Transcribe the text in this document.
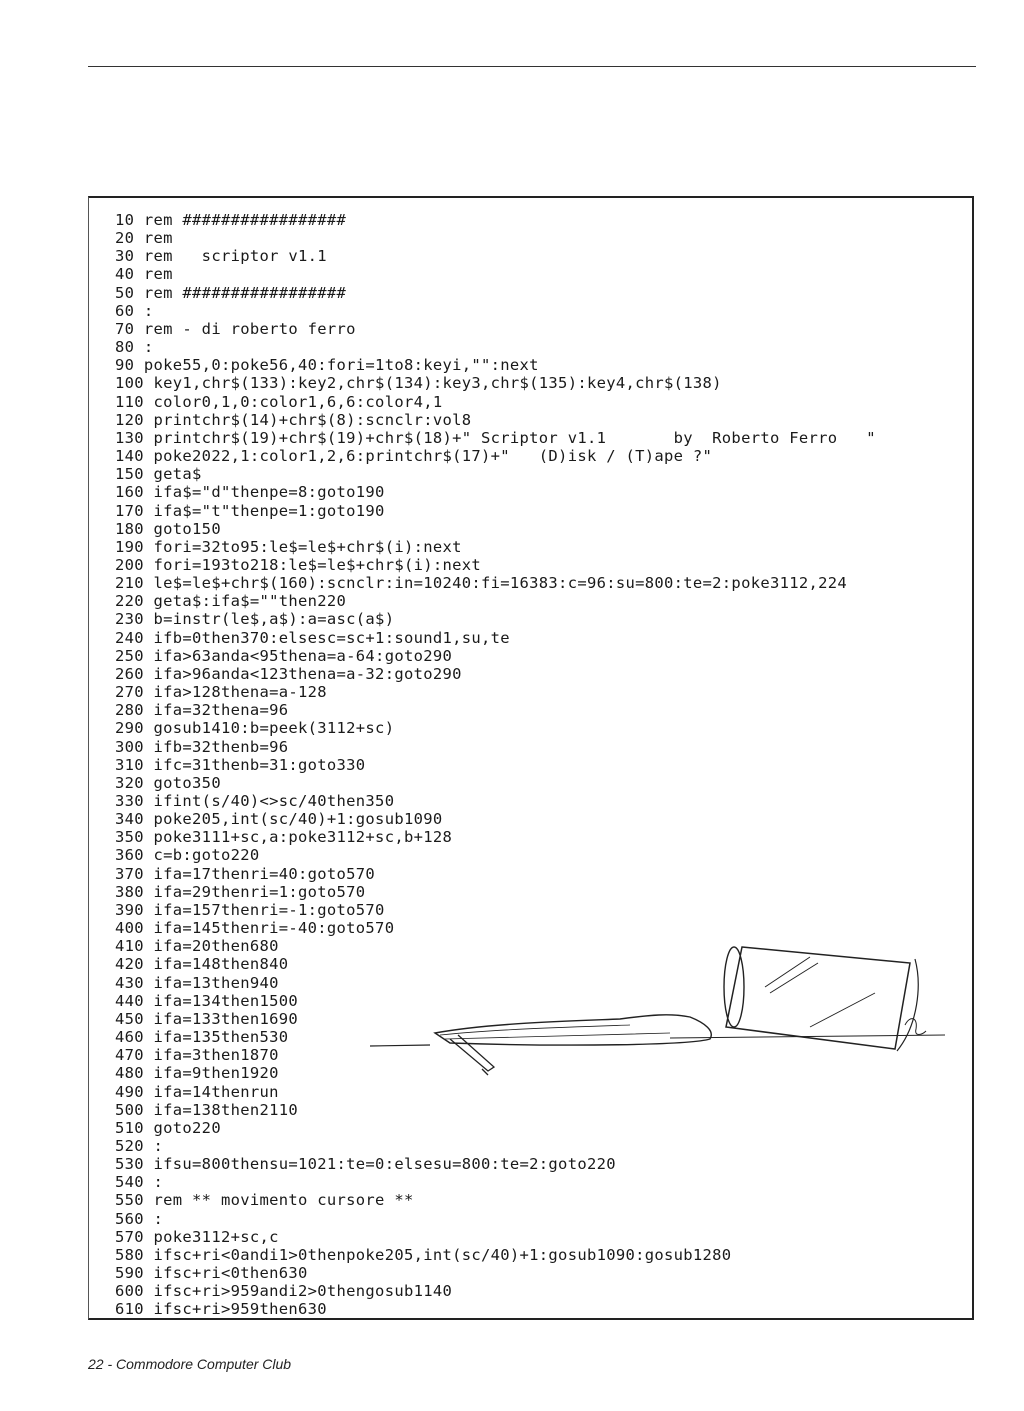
10 rem #################
20 rem
30 rem   scriptor v1.1
40 rem
50 rem #################
60 :
70 rem - di roberto ferro
80 :
90 poke55,0:poke56,40:fori=1to8:keyi,"":next
100 key1,chr$(133):key2,chr$(134):key3,chr$(135):key4,chr$(138)
110 color0,1,0:color1,6,6:color4,1
120 printchr$(14)+chr$(8):scnclr:vol8
130 printchr$(19)+chr$(19)+chr$(18)+" Scriptor v1.1       by  Roberto Ferro   "
140 poke2022,1:color1,2,6:printchr$(17)+"   (D)isk / (T)ape ?"
150 geta$
160 ifa$="d"thenpe=8:goto190
170 ifa$="t"thenpe=1:goto190
180 goto150
190 fori=32to95:le$=le$+chr$(i):next
200 fori=193to218:le$=le$+chr$(i):next
210 le$=le$+chr$(160):scnclr:in=10240:fi=16383:c=96:su=800:te=2:poke3112,224
220 geta$:ifa$=""then220
230 b=instr(le$,a$):a=asc(a$)
240 ifb=0then370:elsesc=sc+1:sound1,su,te
250 ifa>63anda<95thena=a-64:goto290
260 ifa>96anda<123thena=a-32:goto290
270 ifa>128thena=a-128
280 ifa=32thena=96
290 gosub1410:b=peek(3112+sc)
300 ifb=32thenb=96
310 ifc=31thenb=31:goto330
320 goto350
330 ifint(s/40)<>sc/40then350
340 poke205,int(sc/40)+1:gosub1090
350 poke3111+sc,a:poke3112+sc,b+128
360 c=b:goto220
370 ifa=17thenri=40:goto570
380 ifa=29thenri=1:goto570
390 ifa=157thenri=-1:goto570
400 ifa=145thenri=-40:goto570
410 ifa=20then680
420 ifa=148then840
430 ifa=13then940
440 ifa=134then1500
450 ifa=133then1690
460 ifa=135then530
470 ifa=3then1870
480 ifa=9then1920
490 ifa=14thenrun
500 ifa=138then2110
510 goto220
520 :
530 ifsu=800thensu=1021:te=0:elsesu=800:te=2:goto220
540 :
550 rem ** movimento cursore **
560 :
570 poke3112+sc,c
580 ifsc+ri<0andi1>0thenpoke205,int(sc/40)+1:gosub1090:gosub1280
590 ifsc+ri<0then630
600 ifsc+ri>959andi2>0thengosub1140
610 ifsc+ri>959then630
22 - Commodore Computer Club
